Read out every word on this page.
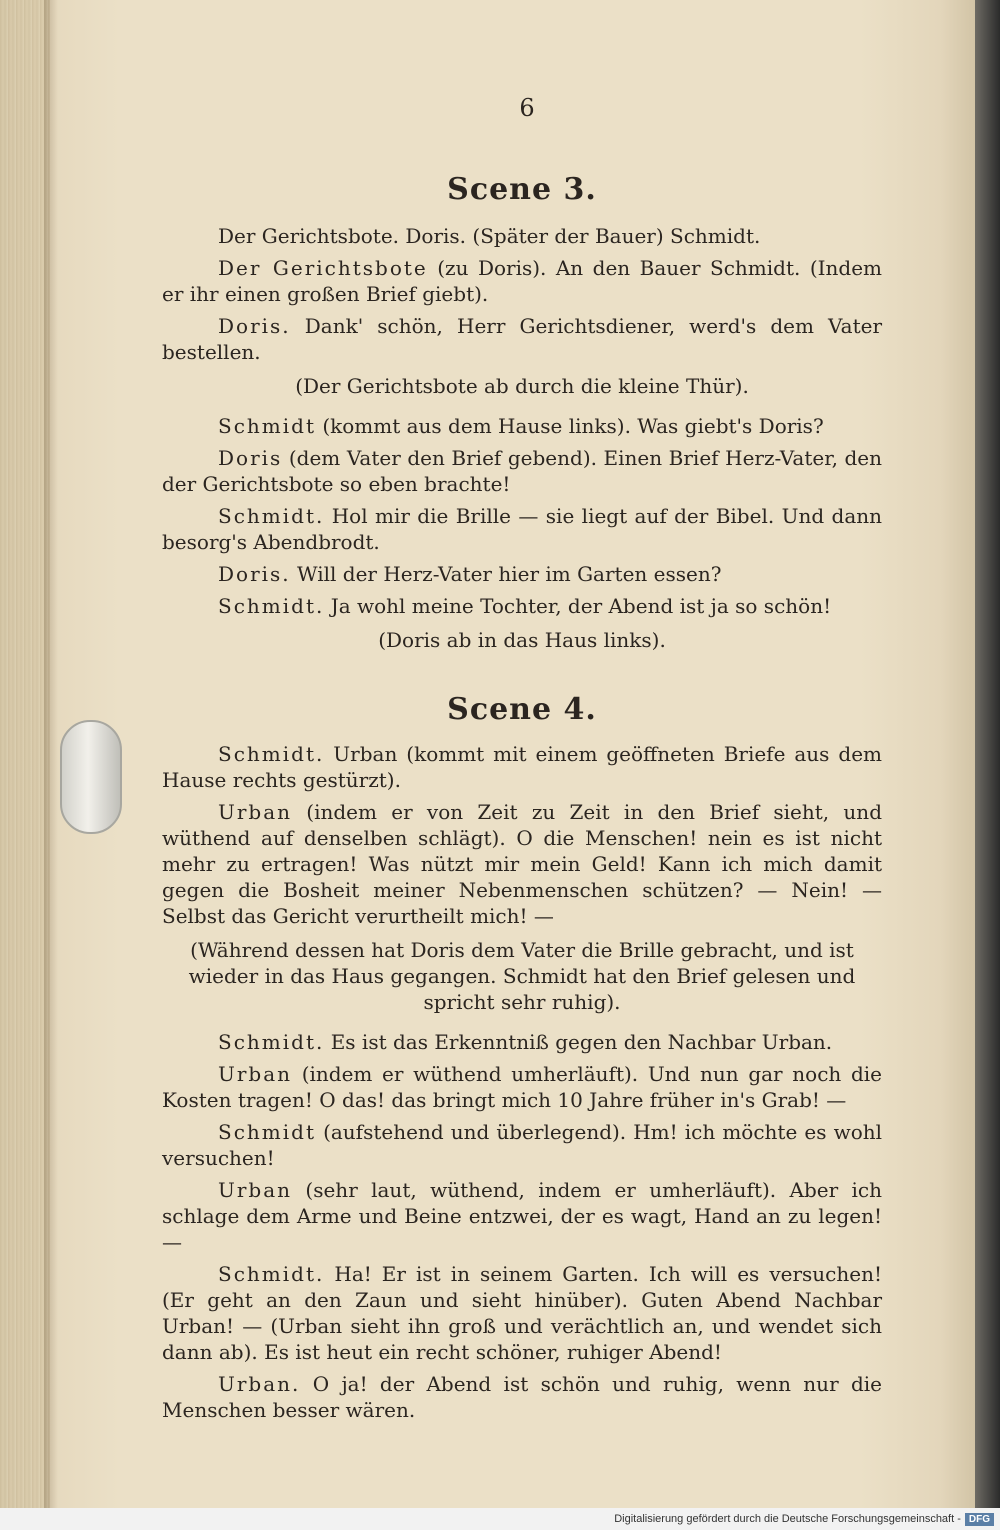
6
Scene 3.

Der Gerichtsbote. Doris. (Später der Bauer) Schmidt.

Der Gerichtsbote (zu Doris). An den Bauer Schmidt. (Indem er ihr einen großen Brief giebt).

Doris. Dank' schön, Herr Gerichtsdiener, werd's dem Vater bestellen.

(Der Gerichtsbote ab durch die kleine Thür).

Schmidt (kommt aus dem Hause links). Was giebt's Doris?

Doris (dem Vater den Brief gebend). Einen Brief Herz-Vater, den der Gerichtsbote so eben brachte!

Schmidt. Hol mir die Brille — sie liegt auf der Bibel. Und dann besorg's Abendbrodt.

Doris. Will der Herz-Vater hier im Garten essen?

Schmidt. Ja wohl meine Tochter, der Abend ist ja so schön!

(Doris ab in das Haus links).
Scene 4.

Schmidt. Urban (kommt mit einem geöffneten Briefe aus dem Hause rechts gestürzt).

Urban (indem er von Zeit zu Zeit in den Brief sieht, und wüthend auf denselben schlägt). O die Menschen! nein es ist nicht mehr zu ertragen! Was nützt mir mein Geld! Kann ich mich damit gegen die Bosheit meiner Nebenmenschen schützen? — Nein! — Selbst das Gericht verurtheilt mich! —

(Während dessen hat Doris dem Vater die Brille gebracht, und ist wieder in das Haus gegangen. Schmidt hat den Brief gelesen und spricht sehr ruhig).

Schmidt. Es ist das Erkenntniß gegen den Nachbar Urban.

Urban (indem er wüthend umherläuft). Und nun gar noch die Kosten tragen! O das! das bringt mich 10 Jahre früher in's Grab! —

Schmidt (aufstehend und überlegend). Hm! ich möchte es wohl versuchen!

Urban (sehr laut, wüthend, indem er umherläuft). Aber ich schlage dem Arme und Beine entzwei, der es wagt, Hand an zu legen! —

Schmidt. Ha! Er ist in seinem Garten. Ich will es versuchen! (Er geht an den Zaun und sieht hinüber). Guten Abend Nachbar Urban! — (Urban sieht ihn groß und verächtlich an, und wendet sich dann ab). Es ist heut ein recht schöner, ruhiger Abend!

Urban. O ja! der Abend ist schön und ruhig, wenn nur die Menschen besser wären.

Digitalisierung gefördert durch die Deutsche Forschungsgemeinschaft - DFG
